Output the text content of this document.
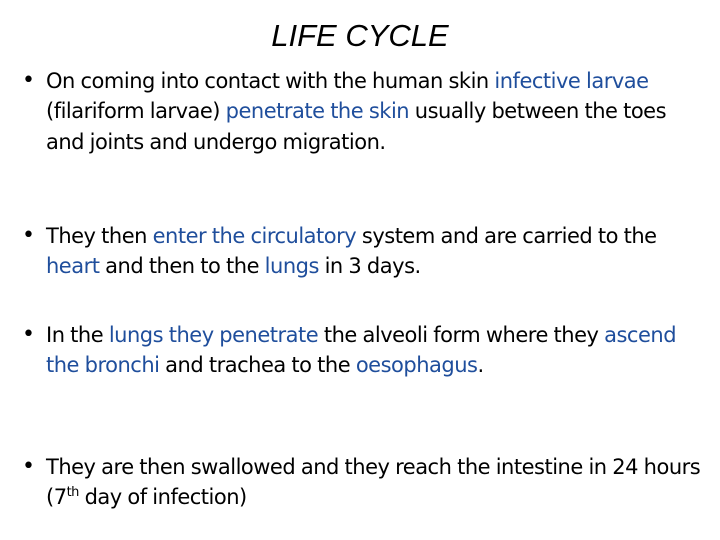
LIFE CYCLE
• On coming into contact with the human skin infective larvae (filariform larvae) penetrate the skin usually between the toes and joints and undergo migration.
• They then enter the circulatory system and are carried to the heart and then to the lungs in 3 days.
• In the lungs they penetrate the alveoli form where they ascend the bronchi and trachea to the oesophagus.
• They are then swallowed and they reach the intestine in 24 hours (7th day of infection)
